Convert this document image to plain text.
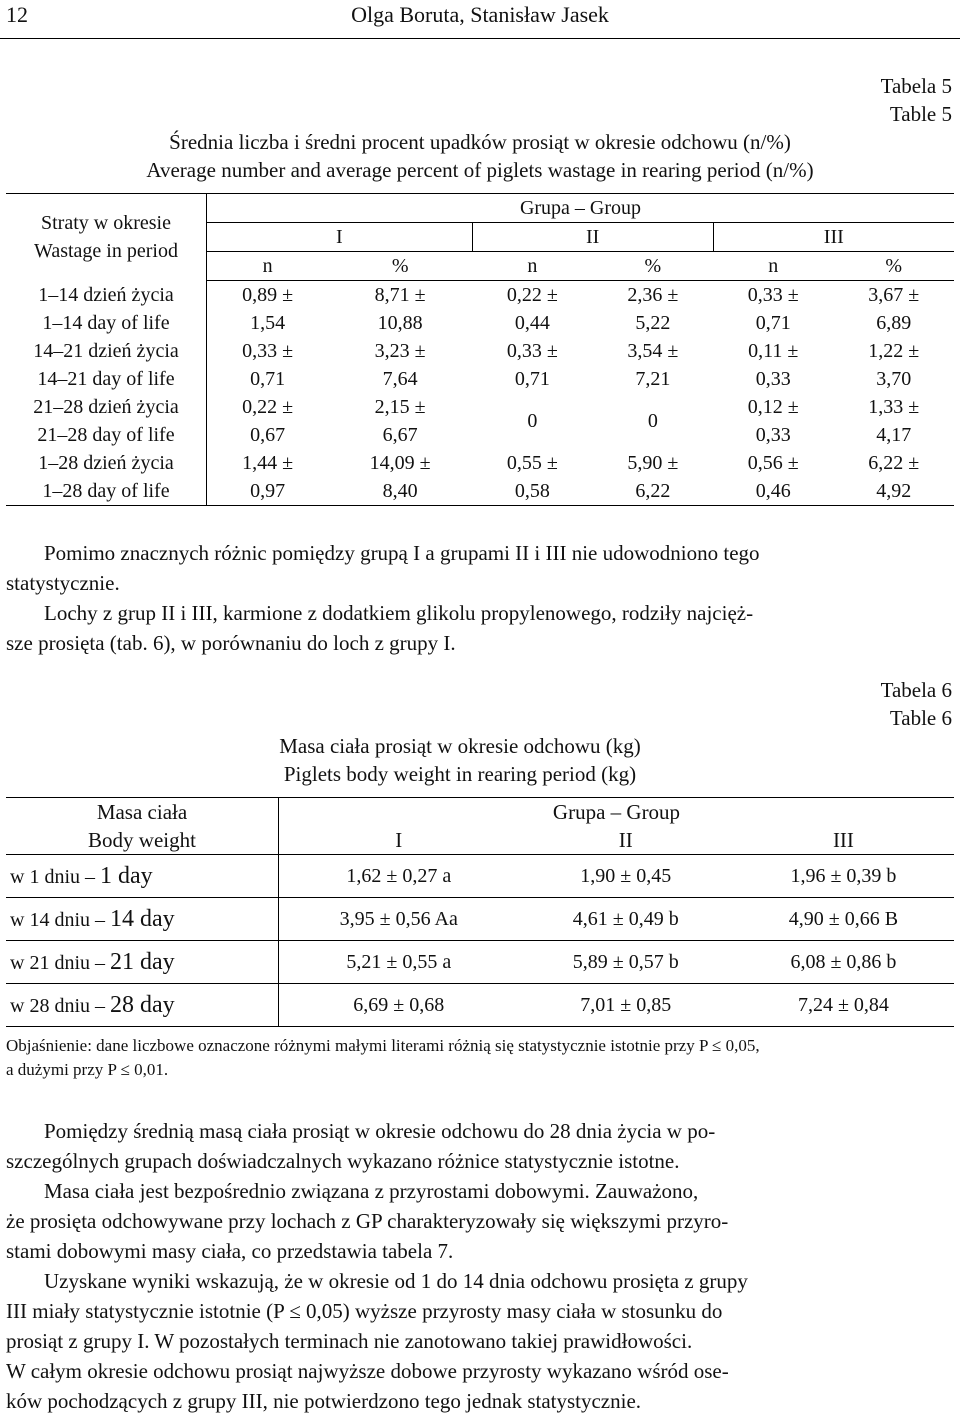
12	Olga Boruta, Stanisław Jasek
Tabela 5
Table 5
Średnia liczba i średni procent upadków prosiąt w okresie odchowu (n/%)
Average number and average percent of piglets wastage in rearing period (n/%)
Straty w okresie
Wastage in period	Grupa – Group					
	I		II		III	
	n	%	n	%	n	%

1–14 dzień życia
1–14 day of life	0,89 ±	8,71 ±	0,22 ±	2,36 ±	0,33 ±	3,67 ±
	1,54	10,88	0,44	5,22	0,71	6,89

14–21 dzień życia
14–21 day of life	0,33 ±	3,23 ±	0,33 ±	3,54 ±	0,11 ±	1,22 ±
	0,71	7,64	0,71	7,21	0,33	3,70

21–28 dzień życia
21–28 day of life	0,22 ±	2,15 ±	0	0	0,12 ±	1,33 ±
	0,67	6,67			0,33	4,17

1–28 dzień życia
1–28 day of life	1,44 ±	14,09 ±	0,55 ±	5,90 ±	0,56 ±	6,22 ±
	0,97	8,40	0,58	6,22	0,46	4,92
Pomimo znacznych różnic pomiędzy grupą I a grupami II i III nie udowodniono tego
statystycznie.
Lochy z grup II i III, karmione z dodatkiem glikolu propylenowego, rodziły najcięż-
sze prosięta (tab. 6), w porównaniu do loch z grupy I.
Tabela 6
Table 6
Masa ciała prosiąt w okresie odchowu (kg)
Piglets body weight in rearing period (kg)
Masa ciała
Body weight	Grupa – Group		
	I	II	III
w 1 dniu – 1 day	1,62 ± 0,27 a	1,90 ± 0,45	1,96 ± 0,39 b
w 14 dniu – 14 day	3,95 ± 0,56 Aa	4,61 ± 0,49 b	4,90 ± 0,66 B
w 21 dniu – 21 day	5,21 ± 0,55 a	5,89 ± 0,57 b	6,08 ± 0,86 b
w 28 dniu – 28 day	6,69 ± 0,68	7,01 ± 0,85	7,24 ± 0,84
Objaśnienie: dane liczbowe oznaczone różnymi małymi literami różnią się statystycznie istotnie przy P ≤ 0,05,
a dużymi przy P ≤ 0,01.
Pomiędzy średnią masą ciała prosiąt w okresie odchowu do 28 dnia życia w po-
szczególnych grupach doświadczalnych wykazano różnice statystycznie istotne.
Masa ciała jest bezpośrednio związana z przyrostami dobowymi. Zauważono,
że prosięta odchowywane przy lochach z GP charakteryzowały się większymi przyro-
stami dobowymi masy ciała, co przedstawia tabela 7.
Uzyskane wyniki wskazują, że w okresie od 1 do 14 dnia odchowu prosięta z grupy
III miały statystycznie istotnie (P ≤ 0,05) wyższe przyrosty masy ciała w stosunku do
prosiąt z grupy I. W pozostałych terminach nie zanotowano takiej prawidłowości.
W całym okresie odchowu prosiąt najwyższe dobowe przyrosty wykazano wśród ose-
ków pochodzących z grupy III, nie potwierdzono tego jednak statystycznie.
